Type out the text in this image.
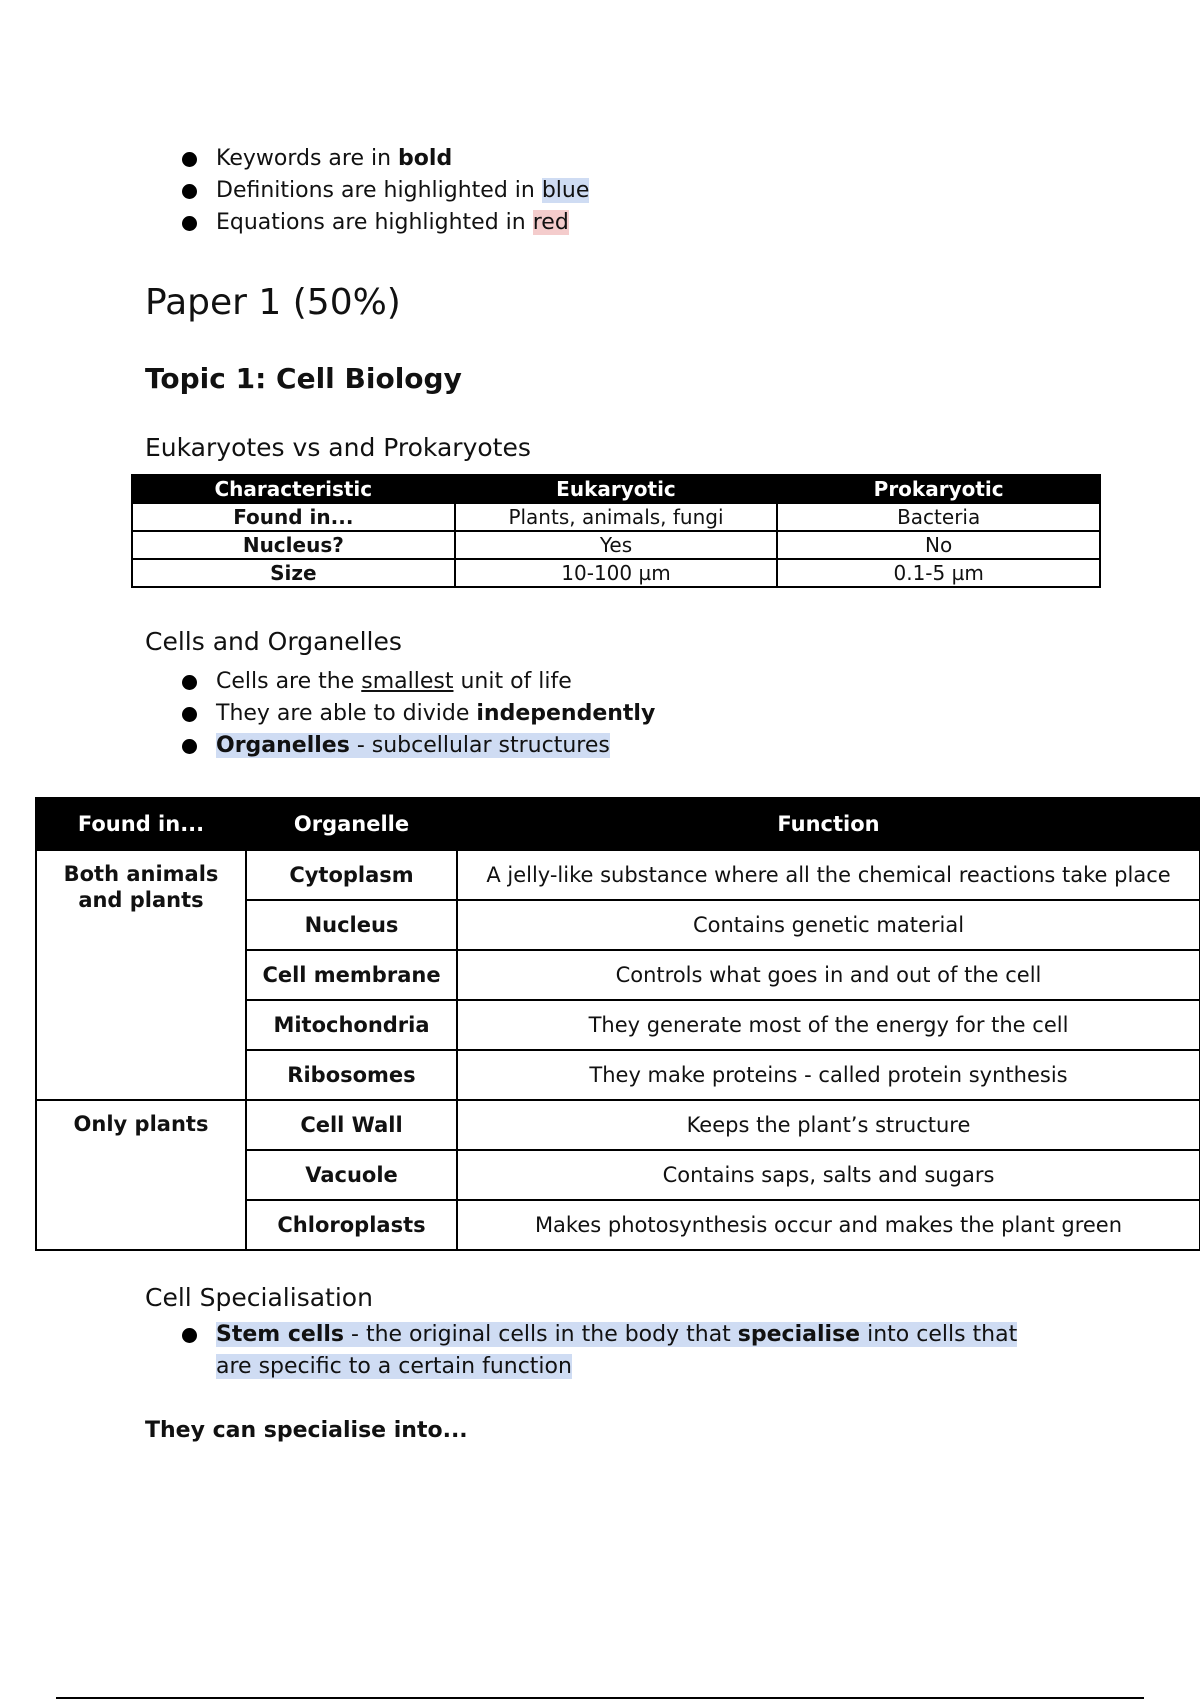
Keywords are in bold
Definitions are highlighted in blue
Equations are highlighted in red
Paper 1 (50%)
Topic 1: Cell Biology
Eukaryotes vs and Prokaryotes
Characteristic	Eukaryotic	Prokaryotic
Found in...	Plants, animals, fungi	Bacteria
Nucleus?	Yes	No
Size	10-100 µm	0.1-5 µm
Cells and Organelles
Cells are the smallest unit of life
They are able to divide independently
Organelles - subcellular structures
Found in...	Organelle	Function
Both animals and plants	Cytoplasm	A jelly-like substance where all the chemical reactions take place
	Nucleus	Contains genetic material
	Cell membrane	Controls what goes in and out of the cell
	Mitochondria	They generate most of the energy for the cell
	Ribosomes	They make proteins - called protein synthesis
Only plants	Cell Wall	Keeps the plant’s structure
	Vacuole	Contains saps, salts and sugars
	Chloroplasts	Makes photosynthesis occur and makes the plant green
Cell Specialisation
Stem cells - the original cells in the body that specialise into cells that are specific to a certain function
They can specialise into...
